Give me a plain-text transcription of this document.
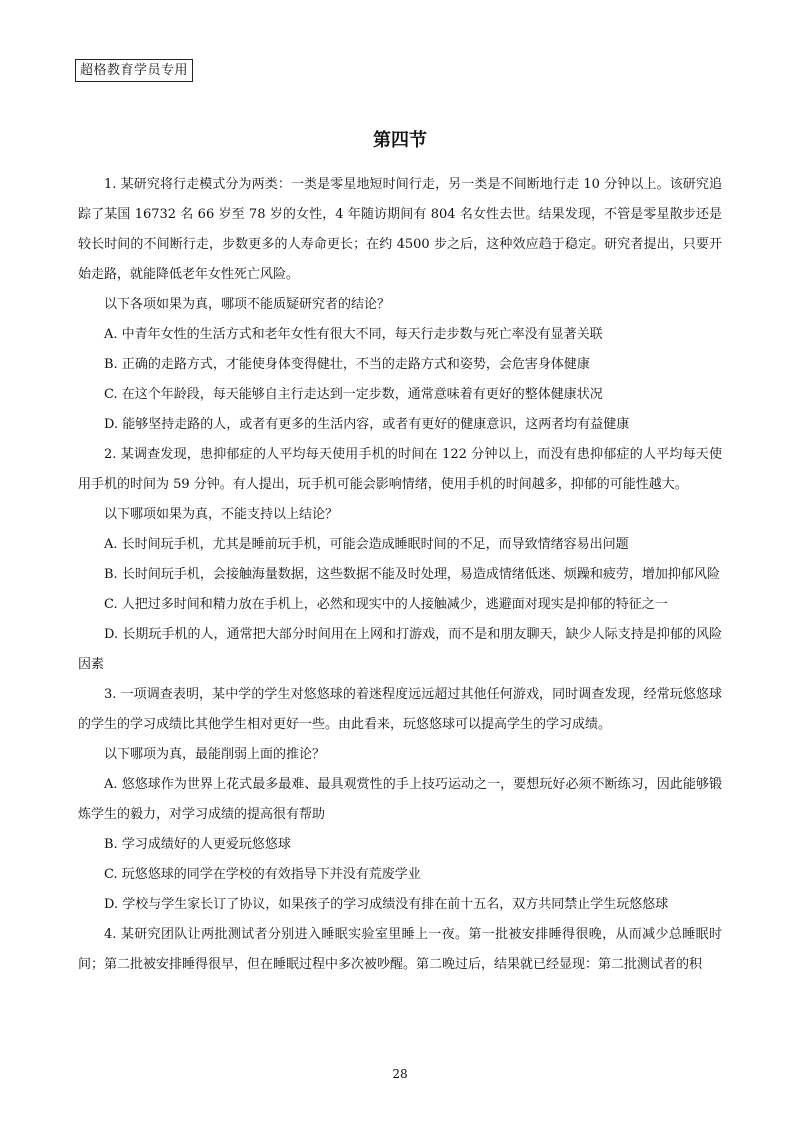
超格教育学员专用
第四节

1. 某研究将行走模式分为两类：一类是零星地短时间行走，另一类是不间断地行走 10 分钟以上。该研究追踪了某国 16732 名 66 岁至 78 岁的女性，4 年随访期间有 804 名女性去世。结果发现，不管是零星散步还是较长时间的不间断行走，步数更多的人寿命更长；在约 4500 步之后，这种效应趋于稳定。研究者提出，只要开始走路，就能降低老年女性死亡风险。

以下各项如果为真，哪项不能质疑研究者的结论？

A. 中青年女性的生活方式和老年女性有很大不同，每天行走步数与死亡率没有显著关联

B. 正确的走路方式，才能使身体变得健壮，不当的走路方式和姿势，会危害身体健康

C. 在这个年龄段，每天能够自主行走达到一定步数，通常意味着有更好的整体健康状况

D. 能够坚持走路的人，或者有更多的生活内容，或者有更好的健康意识，这两者均有益健康

2. 某调查发现，患抑郁症的人平均每天使用手机的时间在 122 分钟以上，而没有患抑郁症的人平均每天使用手机的时间为 59 分钟。有人提出，玩手机可能会影响情绪，使用手机的时间越多，抑郁的可能性越大。

以下哪项如果为真，不能支持以上结论？

A. 长时间玩手机，尤其是睡前玩手机，可能会造成睡眠时间的不足，而导致情绪容易出问题

B. 长时间玩手机，会接触海量数据，这些数据不能及时处理，易造成情绪低迷、烦躁和疲劳，增加抑郁风险

C. 人把过多时间和精力放在手机上，必然和现实中的人接触减少，逃避面对现实是抑郁的特征之一

D. 长期玩手机的人，通常把大部分时间用在上网和打游戏，而不是和朋友聊天，缺少人际支持是抑郁的风险因素

3. 一项调查表明，某中学的学生对悠悠球的着迷程度远远超过其他任何游戏，同时调查发现，经常玩悠悠球的学生的学习成绩比其他学生相对更好一些。由此看来，玩悠悠球可以提高学生的学习成绩。

以下哪项为真，最能削弱上面的推论？

A. 悠悠球作为世界上花式最多最难、最具观赏性的手上技巧运动之一，要想玩好必须不断练习，因此能够锻炼学生的毅力，对学习成绩的提高很有帮助

B. 学习成绩好的人更爱玩悠悠球

C. 玩悠悠球的同学在学校的有效指导下并没有荒废学业

D. 学校与学生家长订了协议，如果孩子的学习成绩没有排在前十五名，双方共同禁止学生玩悠悠球

4. 某研究团队让两批测试者分别进入睡眠实验室里睡上一夜。第一批被安排睡得很晚，从而减少总睡眠时间；第二批被安排睡得很早，但在睡眠过程中多次被吵醒。第二晚过后，结果就已经显现：第二批测试者的积

28
